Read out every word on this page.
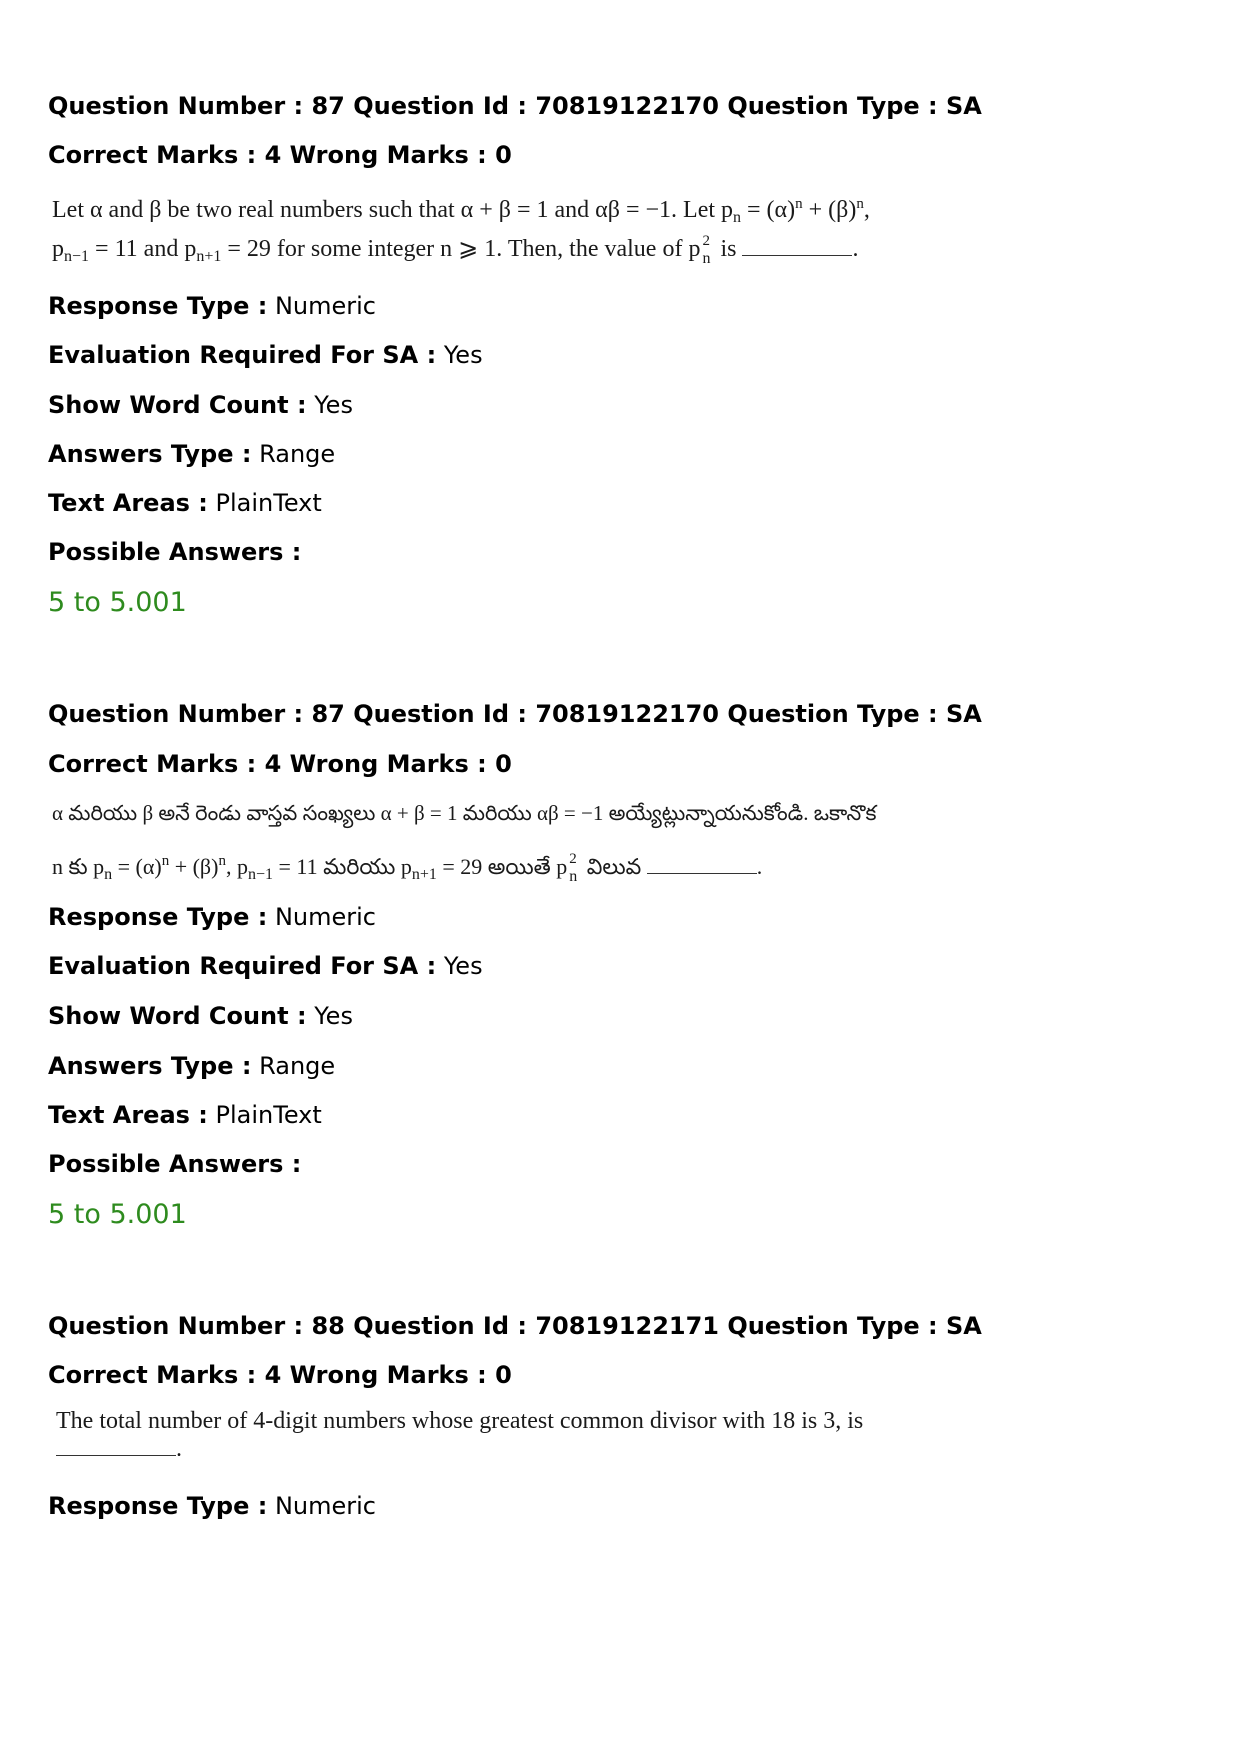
Question Number : 87 Question Id : 70819122170 Question Type : SA
Correct Marks : 4 Wrong Marks : 0
Let α and β be two real numbers such that α + β = 1 and αβ = −1. Let $p_n = (\alpha)^n + (\beta)^n$,
$p_{n-1} = 11$ and $p_{n+1} = 29$ for some integer n ⩾ 1. Then, the value of p 2
n is	.
Response Type : Numeric
Evaluation Required For SA : Yes
Show Word Count : Yes
Answers Type : Range
Text Areas : PlainText
Possible Answers :
5 to 5.001
Question Number : 87 Question Id : 70819122170 Question Type : SA
Correct Marks : 4 Wrong Marks : 0
α మరియు β అనే రెండు వాస్తవ సంఖ్యలు α + β = 1 మరియు αβ = −1 అయ్యేట్లున్నాయనుకోండి. ఒకానొక
n కు $p_n = (\alpha)^n + (\beta)^n$, $p_{n-1} = 11$ మరియు $p_{n+1} = 29$ అయితే p 2
n విలువ	.
Response Type : Numeric
Evaluation Required For SA : Yes
Show Word Count : Yes
Answers Type : Range
Text Areas : PlainText
Possible Answers :
5 to 5.001
Question Number : 88 Question Id : 70819122171 Question Type : SA
Correct Marks : 4 Wrong Marks : 0
The total number of 4-digit numbers whose greatest common divisor with 18 is 3, is
.
Response Type : Numeric
